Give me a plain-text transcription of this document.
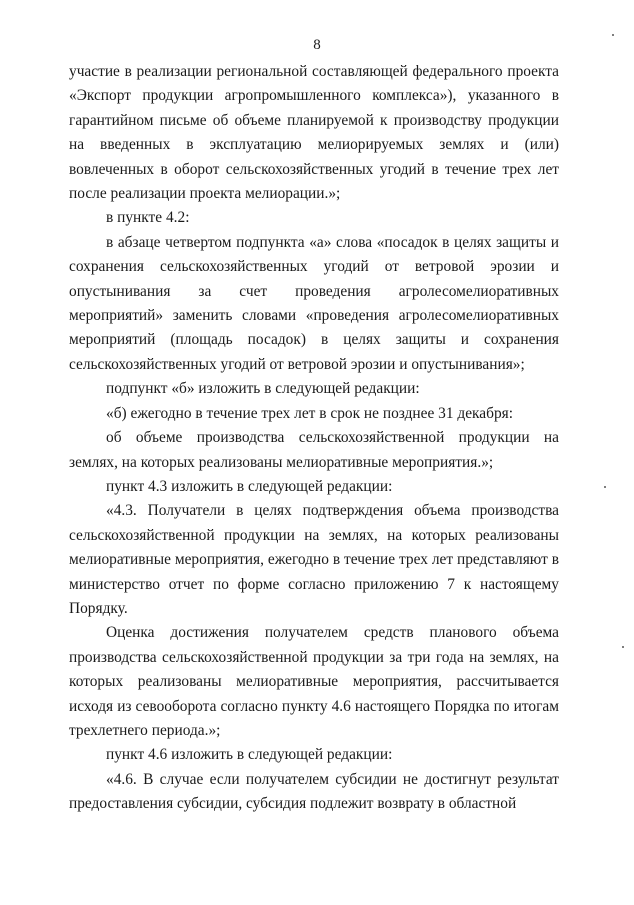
8

участие в реализации региональной составляющей федерального проекта «Экспорт продукции агропромышленного комплекса»), указанного в гарантийном письме об объеме планируемой к производству продукции на введенных в эксплуатацию мелиорируемых землях и (или) вовлеченных в оборот сельскохозяйственных угодий в течение трех лет после реализации проекта мелиорации.»;

в пункте 4.2:

в абзаце четвертом подпункта «а» слова «посадок в целях защиты и сохранения сельскохозяйственных угодий от ветровой эрозии и опустынивания за счет проведения агролесомелиоративных мероприятий» заменить словами «проведения агролесомелиоративных мероприятий (площадь посадок) в целях защиты и сохранения сельскохозяйственных угодий от ветровой эрозии и опустынивания»;

подпункт «б» изложить в следующей редакции:

«б) ежегодно в течение трех лет в срок не позднее 31 декабря:

об объеме производства сельскохозяйственной продукции на землях, на которых реализованы мелиоративные мероприятия.»;

пункт 4.3 изложить в следующей редакции:

«4.3. Получатели в целях подтверждения объема производства сельскохозяйственной продукции на землях, на которых реализованы мелиоративные мероприятия, ежегодно в течение трех лет представляют в министерство отчет по форме согласно приложению 7 к настоящему Порядку.

Оценка достижения получателем средств планового объема производства сельскохозяйственной продукции за три года на землях, на которых реализованы мелиоративные мероприятия, рассчитывается исходя из севооборота согласно пункту 4.6 настоящего Порядка по итогам трехлетнего периода.»;

пункт 4.6 изложить в следующей редакции:

«4.6. В случае если получателем субсидии не достигнут результат предоставления субсидии, субсидия подлежит возврату в областной
